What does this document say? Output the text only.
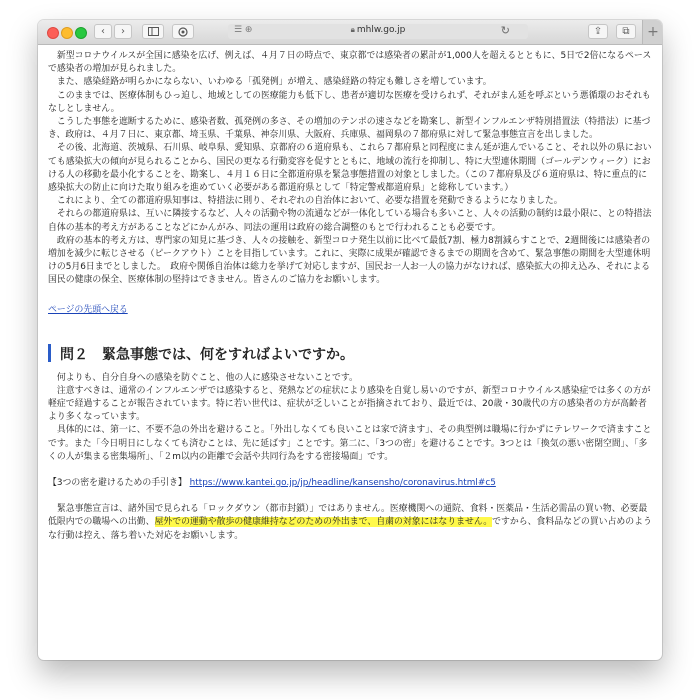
‹ ›	☰ ⊕	🔒︎ mhlw.go.jp	↻	⇪ ⧉	+

新型コロナウイルスが全国に感染を広げ、例えば、４月７日の時点で、東京都では感染者の累計が1,000人を超えるとともに、5日で2倍になるペースで感染者の増加が見られました。

また、感染経路が明らかにならない、いわゆる「孤発例」が増え、感染経路の特定も難しさを増しています。

このままでは、医療体制もひっ迫し、地域としての医療能力も低下し、患者が適切な医療を受けられず、それがまん延を呼ぶという悪循環のおそれもなしとしません。

こうした事態を遮断するために、感染者数、孤発例の多さ、その増加のテンポの速さなどを勘案し、新型インフルエンザ特別措置法（特措法）に基づき、政府は、４月７日に、東京都、埼玉県、千葉県、神奈川県、大阪府、兵庫県、福岡県の７都府県に対して緊急事態宣言を出しました。

その後、北海道、茨城県、石川県、岐阜県、愛知県、京都府の６道府県も、これら７都府県と同程度にまん延が進んでいること、それ以外の県においても感染拡大の傾向が見られることから、国民の更なる行動変容を促すとともに、地域の流行を抑制し、特に大型連休期間（ゴールデンウィーク）における人の移動を最小化することを、勘案し、４月１６日に全都道府県を緊急事態措置の対象としました。（この７都府県及び６道府県は、特に重点的に感染拡大の防止に向けた取り組みを進めていく必要がある都道府県として「特定警戒都道府県」と総称しています。）

これにより、全ての都道府県知事は、特措法に則り、それぞれの自治体において、必要な措置を発動できるようになりました。

それらの都道府県は、互いに隣接するなど、人々の活動や物の流通などが一体化している場合も多いこと、人々の活動の制約は最小限に、との特措法自体の基本的考え方があることなどにかんがみ、同法の運用は政府の総合調整のもとで行われることも必要です。

政府の基本的考え方は、専門家の知見に基づき、人々の接触を、新型コロナ発生以前に比べて最低7割、極力8割減らすことで、2週間後には感染者の増加を減少に転じさせる（ピークアウト）ことを目指しています。これに、実際に成果が確認できるまでの期間を含めて、緊急事態の期間を大型連休明けの5月6日までとしました。　政府や関係自治体は総力を挙げて対応しますが、国民お一人お一人の協力がなければ、感染拡大の抑え込み、それによる国民の健康の保全、医療体制の堅持はできません。皆さんのご協力をお願いします。

ページの先頭へ戻る
問２　緊急事態では、何をすればよいですか。

何よりも、自分自身への感染を防ぐこと、他の人に感染させないことです。

注意すべきは、通常のインフルエンザでは感染すると、発熱などの症状により感染を自覚し易いのですが、新型コロナウイルス感染症では多くの方が軽症で経過することが報告されています。特に若い世代は、症状が乏しいことが指摘されており、最近では、20歳・30歳代の方の感染者の方が高齢者より多くなっています。

具体的には、第一に、不要不急の外出を避けること。「外出しなくても良いことは家で済ます」、その典型例は職場に行かずにテレワークで済ますことです。また「今日明日にしなくても済むことは、先に延ばす」ことです。第二に、「3つの密」を避けることです。3つとは「換気の悪い密閉空間」、「多くの人が集まる密集場所」、「２m以内の距離で会話や共同行為をする密接場面」です。

【3つの密を避けるための手引き】 https://www.kantei.go.jp/jp/headline/kansensho/coronavirus.html#c5

緊急事態宣言は、諸外国で見られる「ロックダウン（都市封鎖）」ではありません。医療機関への通院、食料・医薬品・生活必需品の買い物、必要最低限内での職場への出勤、屋外での運動や散歩の健康維持などのための外出まで、自粛の対象にはなりません。ですから、食料品などの買い占めのような行動は控え、落ち着いた対応をお願いします。
